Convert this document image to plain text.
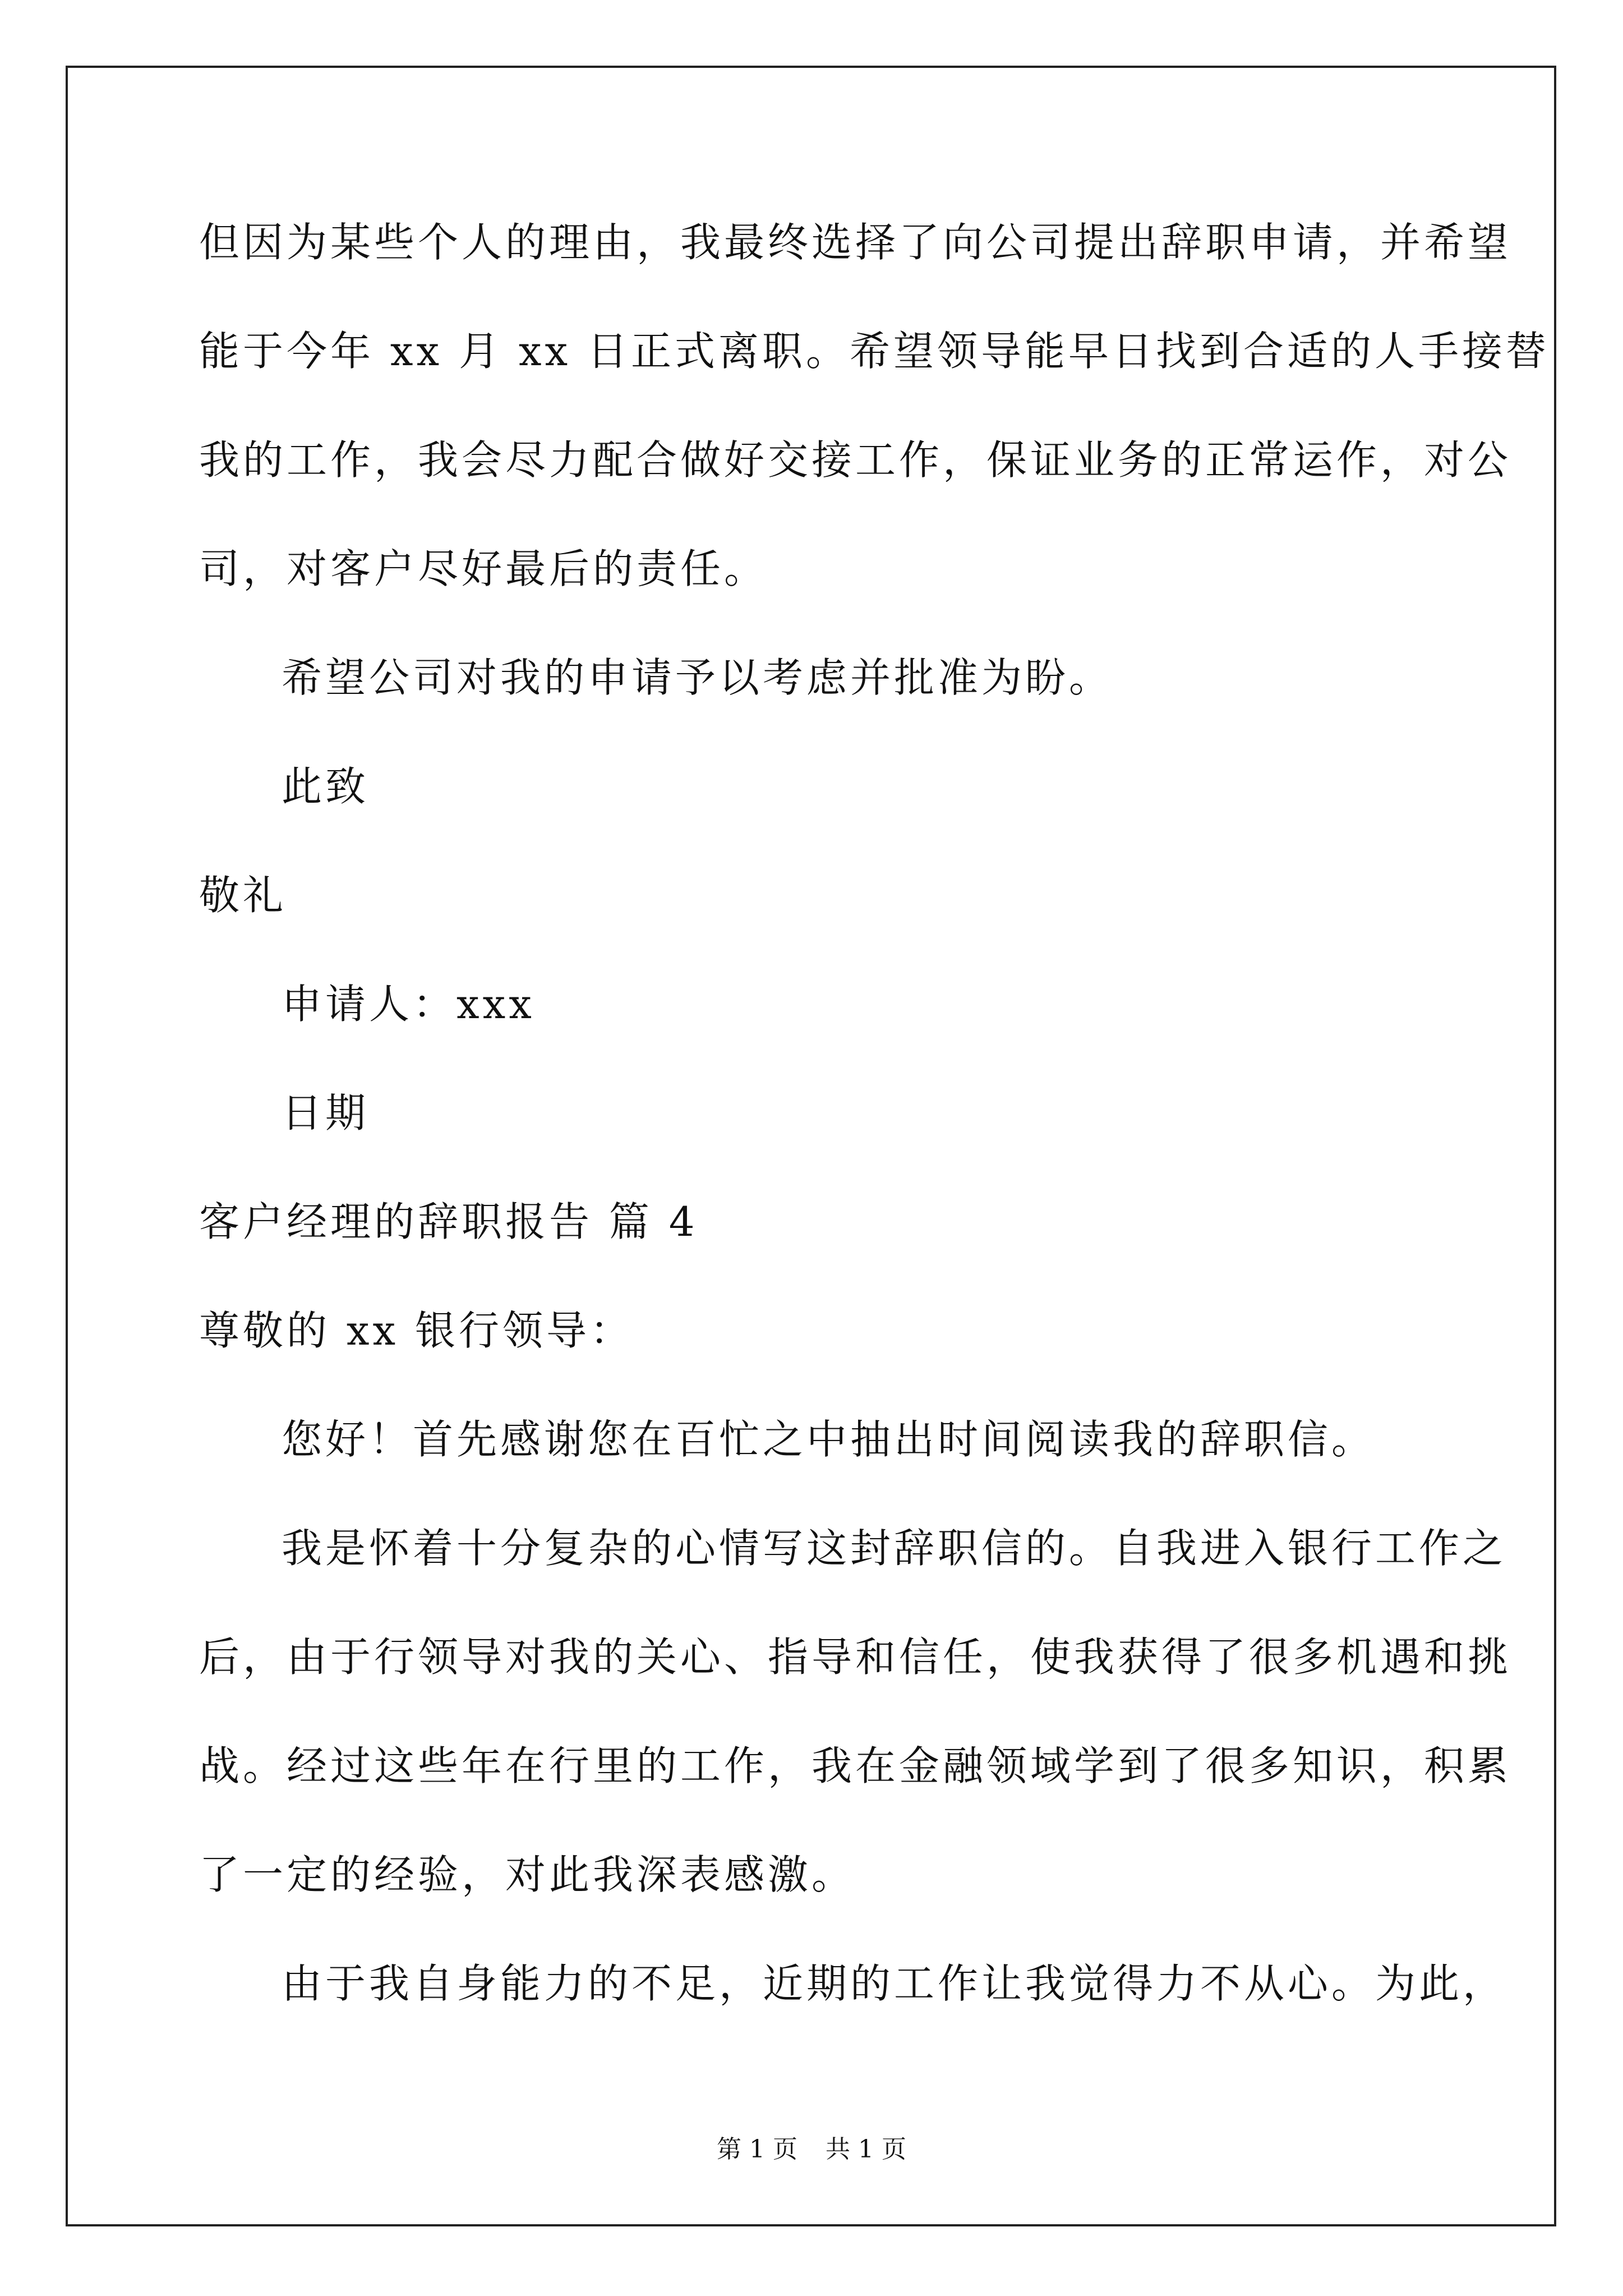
但因为某些个人的理由，我最终选择了向公司提出辞职申请，并希望
能于今年 xx 月 xx 日正式离职。希望领导能早日找到合适的人手接替
我的工作，我会尽力配合做好交接工作，保证业务的正常运作，对公
司，对客户尽好最后的责任。
希望公司对我的申请予以考虑并批准为盼。
此致
敬礼
申请人：xxx
日期
客户经理的辞职报告 篇 4
尊敬的 xx 银行领导：
您好！首先感谢您在百忙之中抽出时间阅读我的辞职信。
我是怀着十分复杂的心情写这封辞职信的。自我进入银行工作之
后，由于行领导对我的关心、指导和信任，使我获得了很多机遇和挑
战。经过这些年在行里的工作，我在金融领域学到了很多知识，积累
了一定的经验，对此我深表感激。
由于我自身能力的不足，近期的工作让我觉得力不从心。为此，
第 1 页 共 1 页
